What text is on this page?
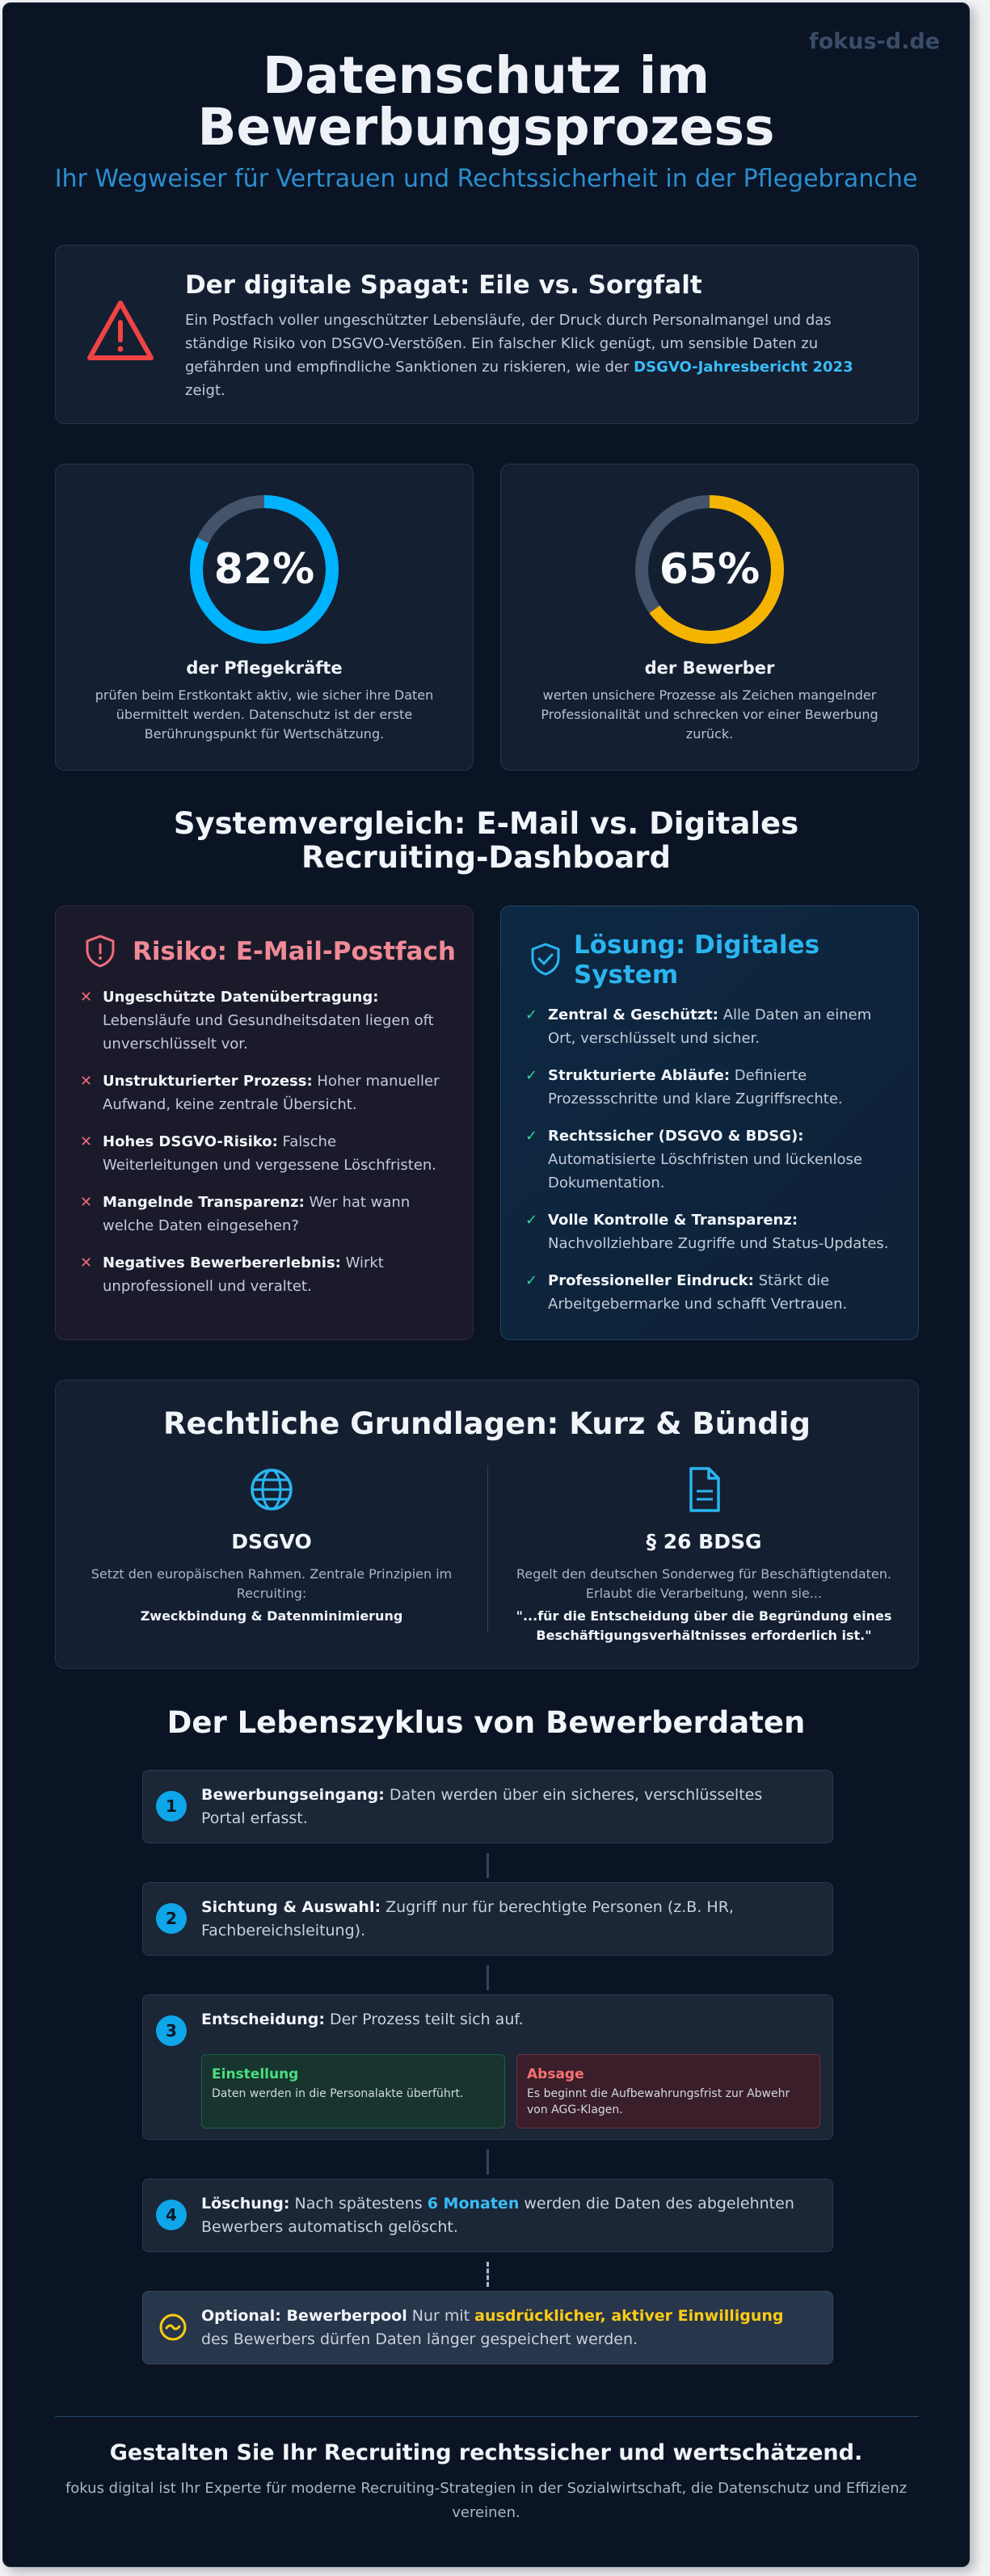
fokus-d.de
Datenschutz im Bewerbungsprozess
Ihr Wegweiser für Vertrauen und Rechtssicherheit in der Pflegebranche
Der digitale Spagat: Eile vs. Sorgfalt
Ein Postfach voller ungeschützter Lebensläufe, der Druck durch Personalmangel und das ständige Risiko von DSGVO-Verstößen. Ein falscher Klick genügt, um sensible Daten zu gefährden und empfindliche Sanktionen zu riskieren, wie der DSGVO-Jahresbericht 2023 zeigt.
82%
der Pflegekräfte
prüfen beim Erstkontakt aktiv, wie sicher ihre Daten übermittelt werden. Datenschutz ist der erste Berührungspunkt für Wertschätzung.
65%
der Bewerber
werten unsichere Prozesse als Zeichen mangelnder Professionalität und schrecken vor einer Bewerbung zurück.
Systemvergleich: E-Mail vs. Digitales Recruiting-Dashboard
Risiko: E-Mail-Postfach
✕ Ungeschützte Datenübertragung: Lebensläufe und Gesundheitsdaten liegen oft unverschlüsselt vor.
✕ Unstrukturierter Prozess: Hoher manueller Aufwand, keine zentrale Übersicht.
✕ Hohes DSGVO-Risiko: Falsche Weiterleitungen und vergessene Löschfristen.
✕ Mangelnde Transparenz: Wer hat wann welche Daten eingesehen?
✕ Negatives Bewerbererlebnis: Wirkt unprofessionell und veraltet.
Lösung: Digitales System
✓ Zentral & Geschützt: Alle Daten an einem Ort, verschlüsselt und sicher.
✓ Strukturierte Abläufe: Definierte Prozessschritte und klare Zugriffsrechte.
✓ Rechtssicher (DSGVO & BDSG): Automatisierte Löschfristen und lückenlose Dokumentation.
✓ Volle Kontrolle & Transparenz: Nachvollziehbare Zugriffe und Status-Updates.
✓ Professioneller Eindruck: Stärkt die Arbeitgebermarke und schafft Vertrauen.
Rechtliche Grundlagen: Kurz & Bündig
DSGVO
Setzt den europäischen Rahmen. Zentrale Prinzipien im Recruiting:
Zweckbindung & Datenminimierung
§ 26 BDSG
Regelt den deutschen Sonderweg für Beschäftigtendaten. Erlaubt die Verarbeitung, wenn sie...
"...für die Entscheidung über die Begründung eines Beschäftigungsverhältnisses erforderlich ist."
Der Lebenszyklus von Bewerberdaten
1
Bewerbungseingang: Daten werden über ein sicheres, verschlüsseltes Portal erfasst.
2
Sichtung & Auswahl: Zugriff nur für berechtigte Personen (z.B. HR, Fachbereichsleitung).
3
Entscheidung: Der Prozess teilt sich auf.
Einstellung
Daten werden in die Personalakte überführt.
Absage
Es beginnt die Aufbewahrungsfrist zur Abwehr von AGG-Klagen.
4
Löschung: Nach spätestens 6 Monaten werden die Daten des abgelehnten Bewerbers automatisch gelöscht.
Optional: Bewerberpool Nur mit ausdrücklicher, aktiver Einwilligung des Bewerbers dürfen Daten länger gespeichert werden.
Gestalten Sie Ihr Recruiting rechtssicher und wertschätzend.
fokus digital ist Ihr Experte für moderne Recruiting-Strategien in der Sozialwirtschaft, die Datenschutz und Effizienz vereinen.
